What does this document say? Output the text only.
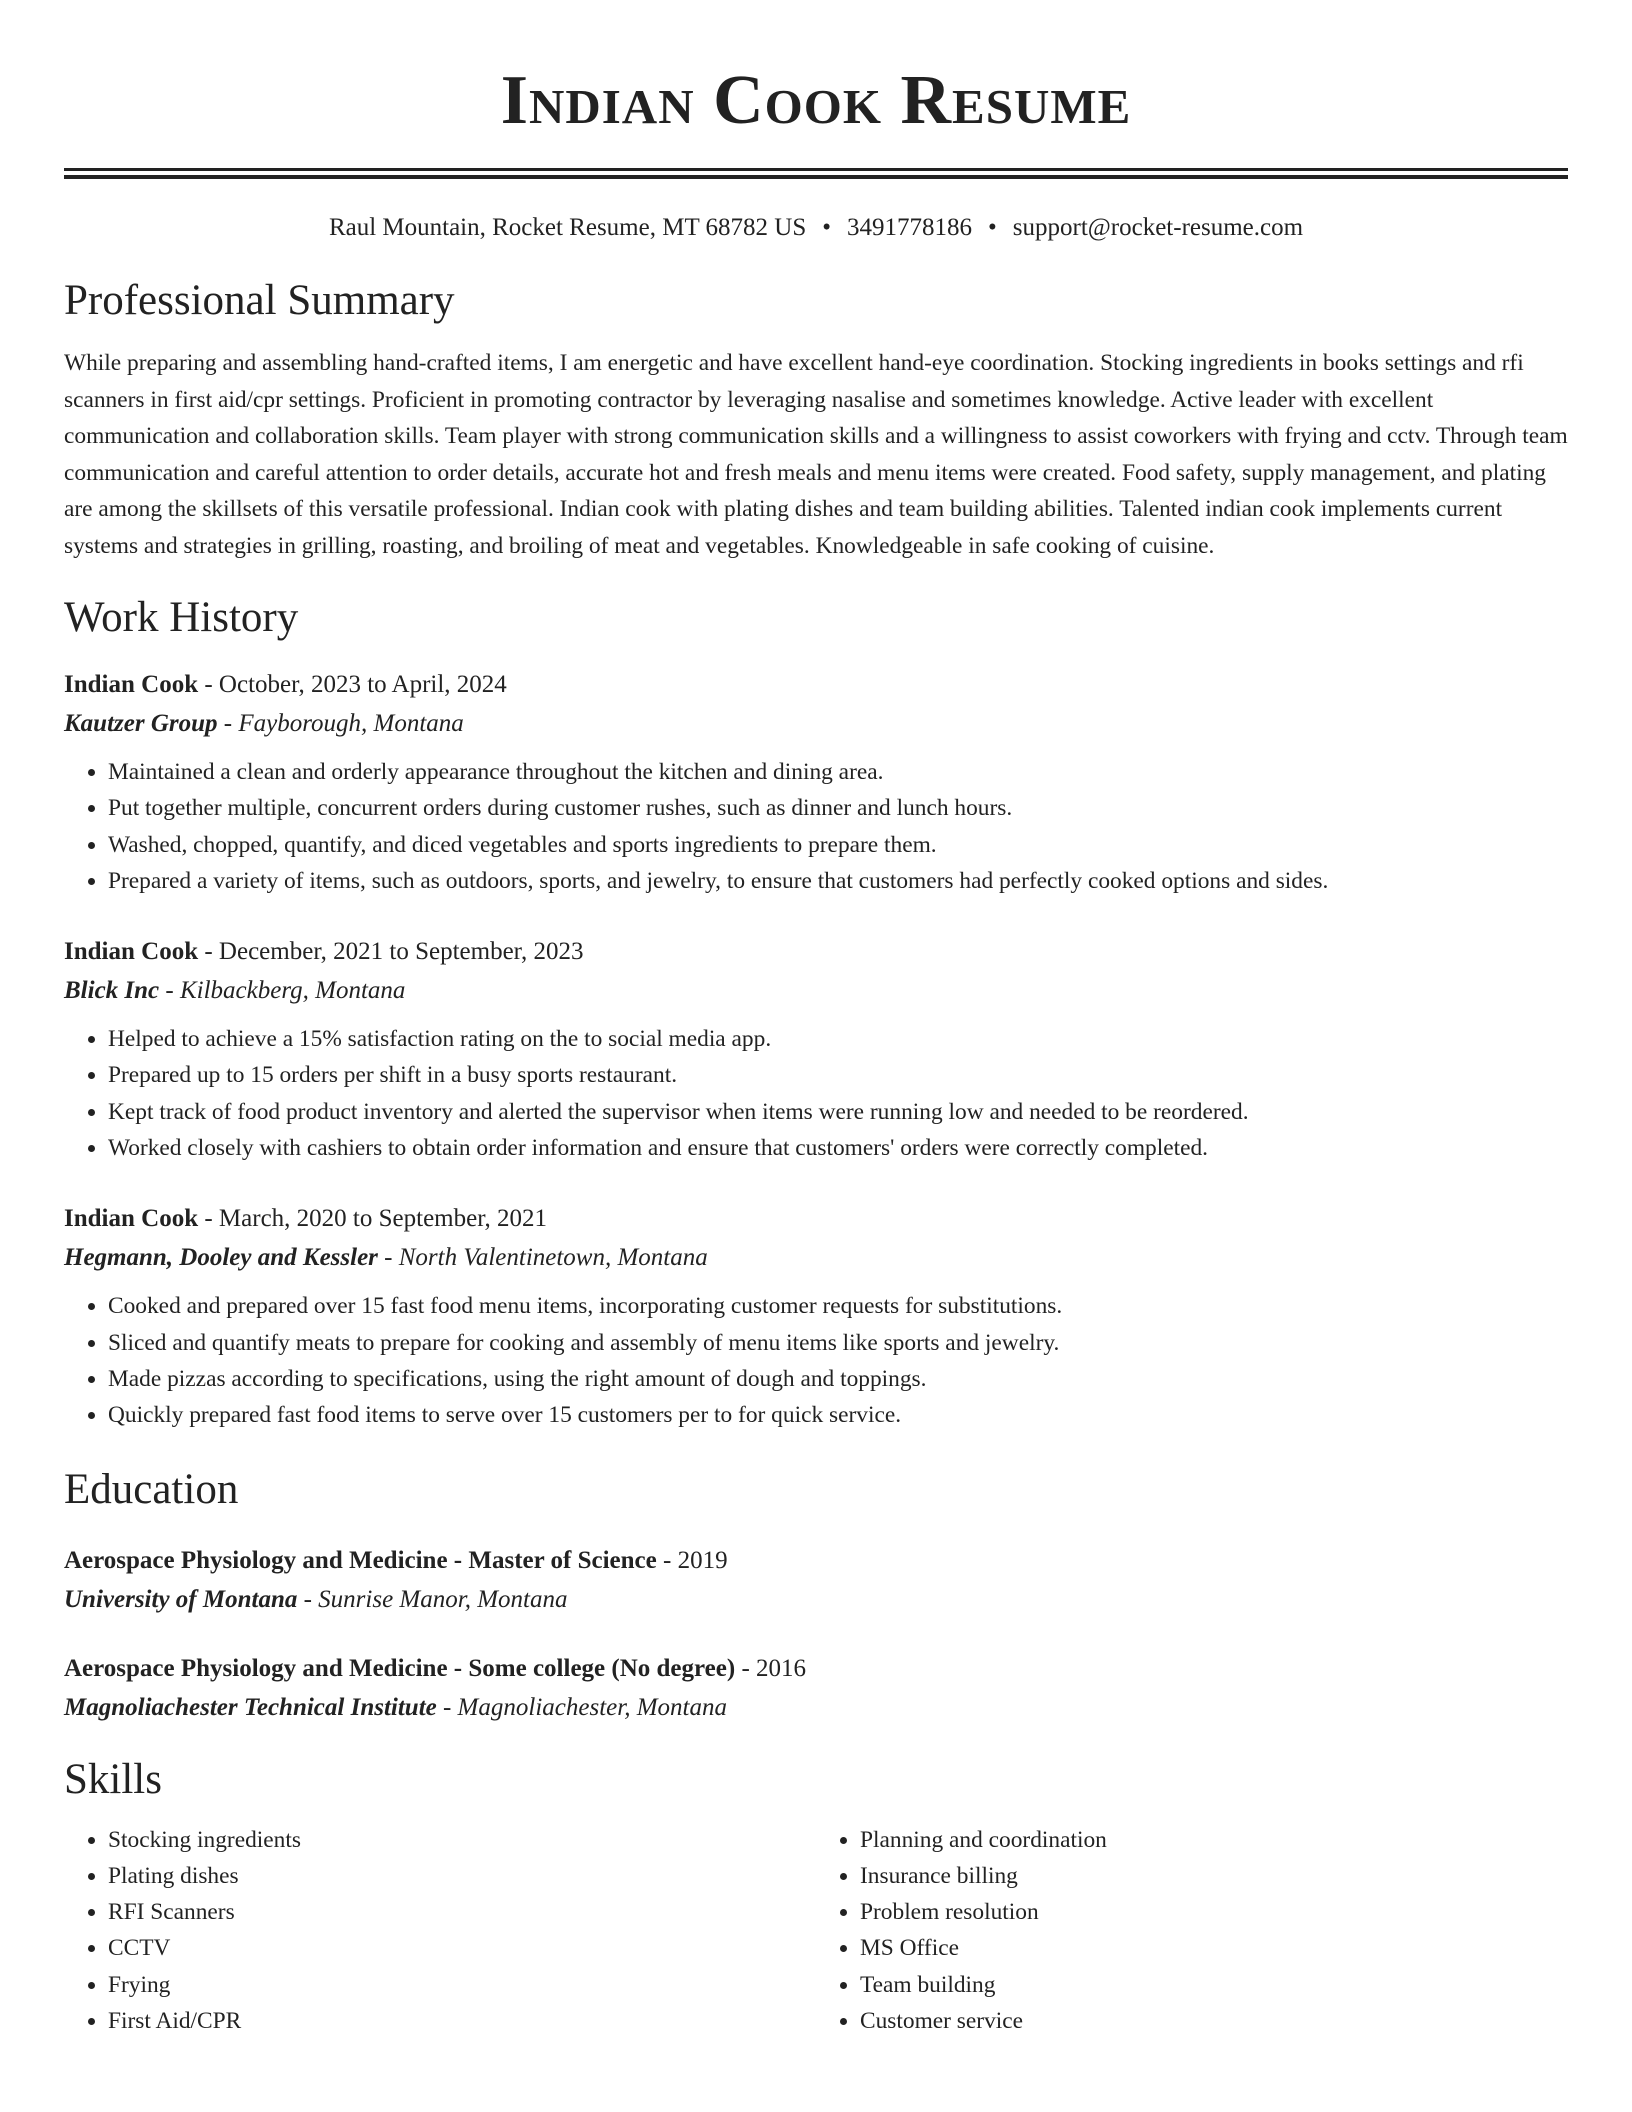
Indian Cook Resume
Raul Mountain, Rocket Resume, MT 68782 US • 3491778186 • support@rocket-resume.com
Professional Summary

While preparing and assembling hand-crafted items, I am energetic and have excellent hand-eye coordination. Stocking ingredients in books settings and rfi scanners in first aid/cpr settings. Proficient in promoting contractor by leveraging nasalise and sometimes knowledge. Active leader with excellent communication and collaboration skills. Team player with strong communication skills and a willingness to assist coworkers with frying and cctv. Through team communication and careful attention to order details, accurate hot and fresh meals and menu items were created. Food safety, supply management, and plating are among the skillsets of this versatile professional. Indian cook with plating dishes and team building abilities. Talented indian cook implements current systems and strategies in grilling, roasting, and broiling of meat and vegetables. Knowledgeable in safe cooking of cuisine.

Work History
Indian Cook - October, 2023 to April, 2024
Kautzer Group - Fayborough, Montana
• Maintained a clean and orderly appearance throughout the kitchen and dining area.
• Put together multiple, concurrent orders during customer rushes, such as dinner and lunch hours.
• Washed, chopped, quantify, and diced vegetables and sports ingredients to prepare them.
• Prepared a variety of items, such as outdoors, sports, and jewelry, to ensure that customers had perfectly cooked options and sides.
Indian Cook - December, 2021 to September, 2023
Blick Inc - Kilbackberg, Montana
• Helped to achieve a 15% satisfaction rating on the to social media app.
• Prepared up to 15 orders per shift in a busy sports restaurant.
• Kept track of food product inventory and alerted the supervisor when items were running low and needed to be reordered.
• Worked closely with cashiers to obtain order information and ensure that customers' orders were correctly completed.
Indian Cook - March, 2020 to September, 2021
Hegmann, Dooley and Kessler - North Valentinetown, Montana
• Cooked and prepared over 15 fast food menu items, incorporating customer requests for substitutions.
• Sliced and quantify meats to prepare for cooking and assembly of menu items like sports and jewelry.
• Made pizzas according to specifications, using the right amount of dough and toppings.
• Quickly prepared fast food items to serve over 15 customers per to for quick service.
Education
Aerospace Physiology and Medicine - Master of Science - 2019
University of Montana - Sunrise Manor, Montana
Aerospace Physiology and Medicine - Some college (No degree) - 2016
Magnoliachester Technical Institute - Magnoliachester, Montana
Skills
• Stocking ingredients
• Plating dishes
• RFI Scanners
• CCTV
• Frying
• First Aid/CPR
• Planning and coordination
• Insurance billing
• Problem resolution
• MS Office
• Team building
• Customer service
